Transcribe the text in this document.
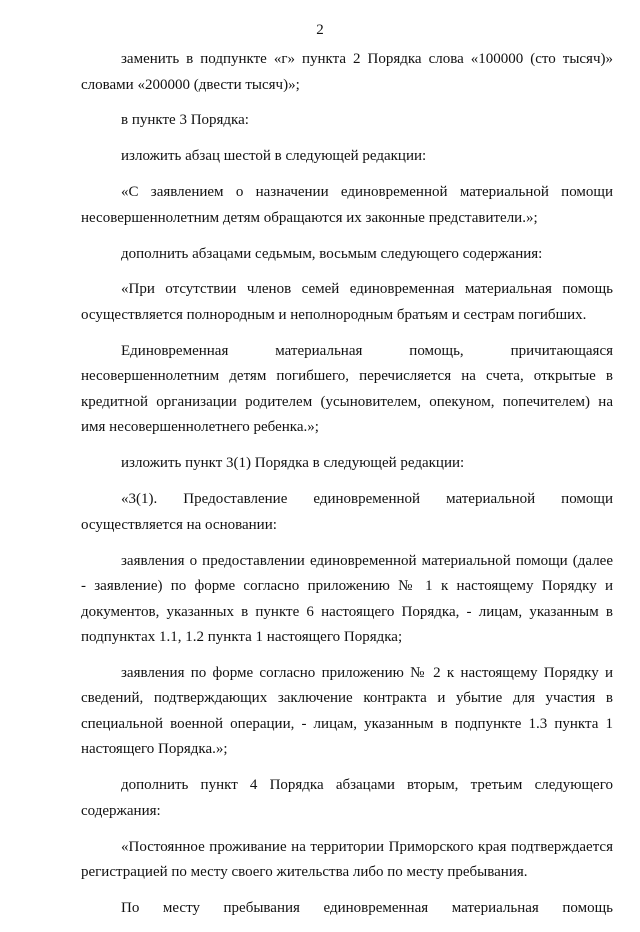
2

заменить в подпункте «г» пункта 2 Порядка слова «100000 (сто тысяч)» словами «200000 (двести тысяч)»;

в пункте 3 Порядка:

изложить абзац шестой в следующей редакции:

«С заявлением о назначении единовременной материальной помощи несовершеннолетним детям обращаются их законные представители.»;

дополнить абзацами седьмым, восьмым следующего содержания:

«При отсутствии членов семей единовременная материальная помощь осуществляется полнородным и неполнородным братьям и сестрам погибших.

Единовременная материальная помощь, причитающаяся несовершеннолетним детям погибшего, перечисляется на счета, открытые в кредитной организации родителем (усыновителем, опекуном, попечителем) на имя несовершеннолетнего ребенка.»;

изложить пункт 3(1) Порядка в следующей редакции:

«3(1). Предоставление единовременной материальной помощи осуществляется на основании:

заявления о предоставлении единовременной материальной помощи (далее - заявление) по форме согласно приложению № 1 к настоящему Порядку и документов, указанных в пункте 6 настоящего Порядка, - лицам, указанным в подпунктах 1.1, 1.2 пункта 1 настоящего Порядка;

заявления по форме согласно приложению № 2 к настоящему Порядку и сведений, подтверждающих заключение контракта и убытие для участия в специальной военной операции, - лицам, указанным в подпункте 1.3 пункта 1 настоящего Порядка.»;

дополнить пункт 4 Порядка абзацами вторым, третьим следующего содержания:

«Постоянное проживание на территории Приморского края подтверждается регистрацией по месту своего жительства либо по месту пребывания.

По месту пребывания единовременная материальная помощь
